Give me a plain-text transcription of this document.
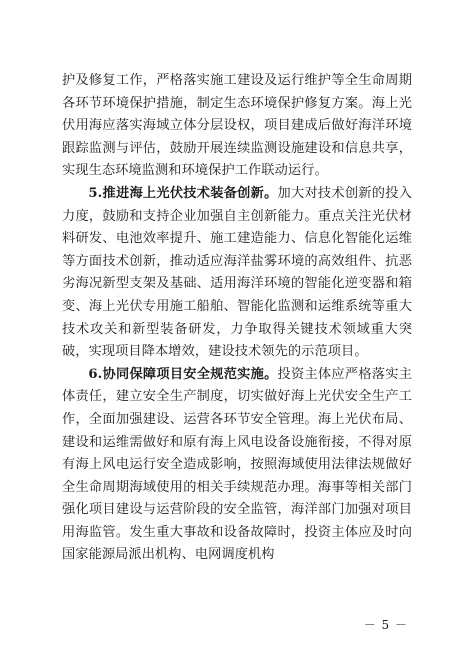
护及修复工作，严格落实施工建设及运行维护等全生命周期各环节环境保护措施，制定生态环境保护修复方案。海上光伏用海应落实海域立体分层设权，项目建成后做好海洋环境跟踪监测与评估，鼓励开展连续监测设施建设和信息共享，实现生态环境监测和环境保护工作联动运行。

5.推进海上光伏技术装备创新。加大对技术创新的投入力度，鼓励和支持企业加强自主创新能力。重点关注光伏材料研发、电池效率提升、施工建造能力、信息化智能化运维等方面技术创新，推动适应海洋盐雾环境的高效组件、抗恶劣海况新型支架及基础、适用海洋环境的智能化逆变器和箱变、海上光伏专用施工船舶、智能化监测和运维系统等重大技术攻关和新型装备研发，力争取得关键技术领域重大突破，实现项目降本增效，建设技术领先的示范项目。

6.协同保障项目安全规范实施。投资主体应严格落实主体责任，建立安全生产制度，切实做好海上光伏安全生产工作，全面加强建设、运营各环节安全管理。海上光伏布局、建设和运维需做好和原有海上风电设备设施衔接，不得对原有海上风电运行安全造成影响，按照海域使用法律法规做好全生命周期海域使用的相关手续规范办理。海事等相关部门强化项目建设与运营阶段的安全监管，海洋部门加强对项目用海监管。发生重大事故和设备故障时，投资主体应及时向国家能源局派出机构、电网调度机构

－ 5 －
